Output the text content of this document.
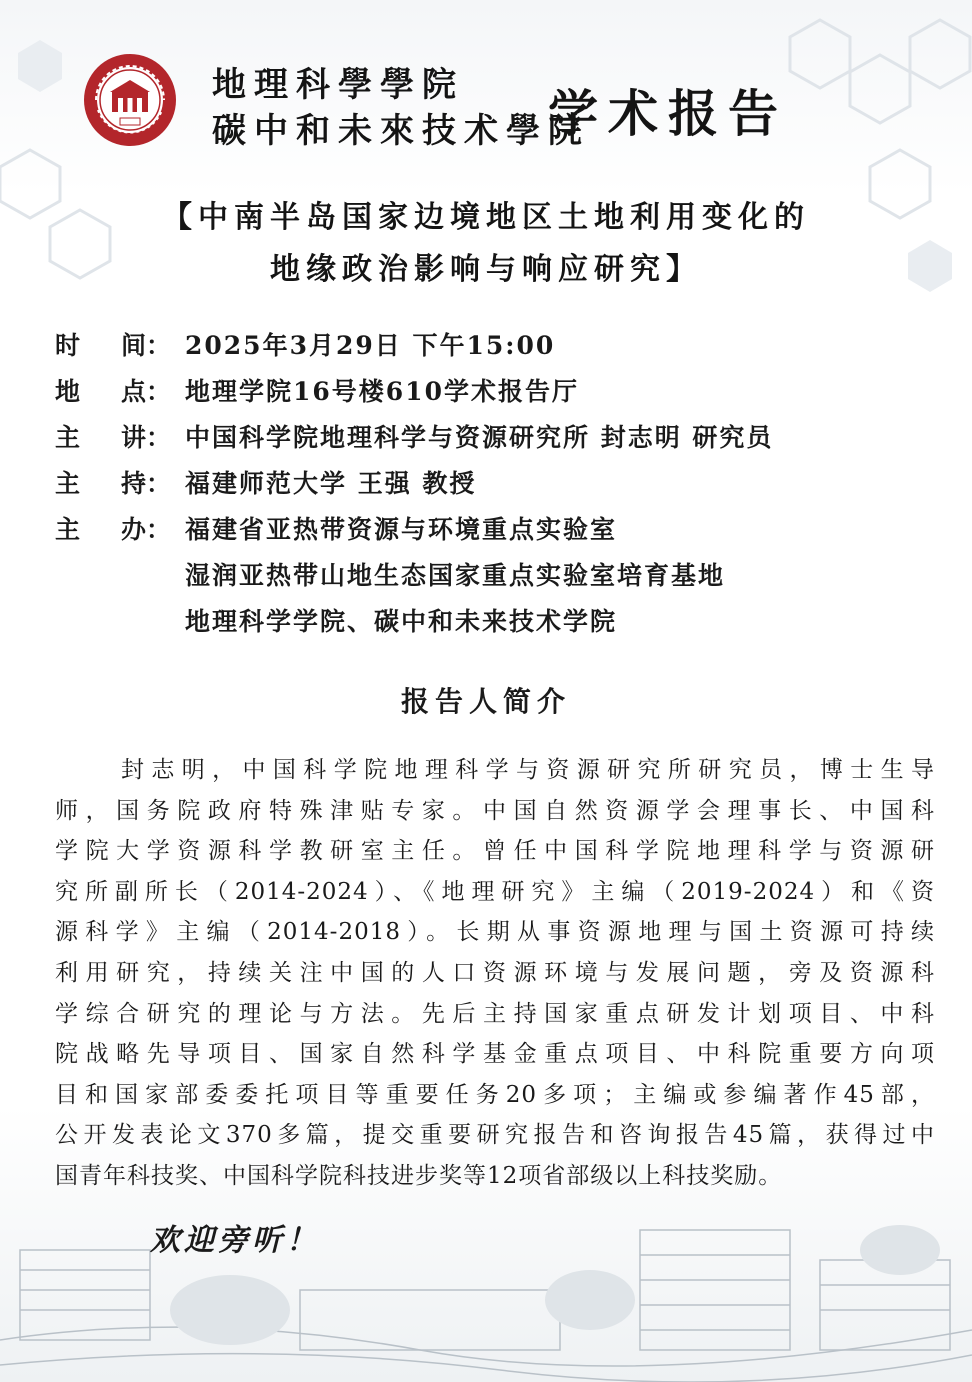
地理科學學院
碳中和未來技术學院
学术报告
【中南半岛国家边境地区土地利用变化的
地缘政治影响与响应研究】
时 间： 2025年3月29日 下午15:00
地 点： 地理学院16号楼610学术报告厅
主 讲： 中国科学院地理科学与资源研究所 封志明 研究员
主 持： 福建师范大学 王强 教授
主 办： 福建省亚热带资源与环境重点实验室
湿润亚热带山地生态国家重点实验室培育基地
地理科学学院、碳中和未来技术学院
报告人简介
封志明，中国科学院地理科学与资源研究所研究员，博士生导
师，国务院政府特殊津贴专家。中国自然资源学会理事长、中国科
学院大学资源科学教研室主任。曾任中国科学院地理科学与资源研
究所副所长（2014-2024）、《地理研究》主编（2019-2024）和《资
源科学》主编（2014-2018）。长期从事资源地理与国土资源可持续
利用研究，持续关注中国的人口资源环境与发展问题，旁及资源科
学综合研究的理论与方法。先后主持国家重点研发计划项目、中科
院战略先导项目、国家自然科学基金重点项目、中科院重要方向项
目和国家部委委托项目等重要任务20多项；主编或参编著作45部，
公开发表论文370多篇，提交重要研究报告和咨询报告45篇，获得过中
国青年科技奖、中国科学院科技进步奖等12项省部级以上科技奖励。
欢迎旁听！
